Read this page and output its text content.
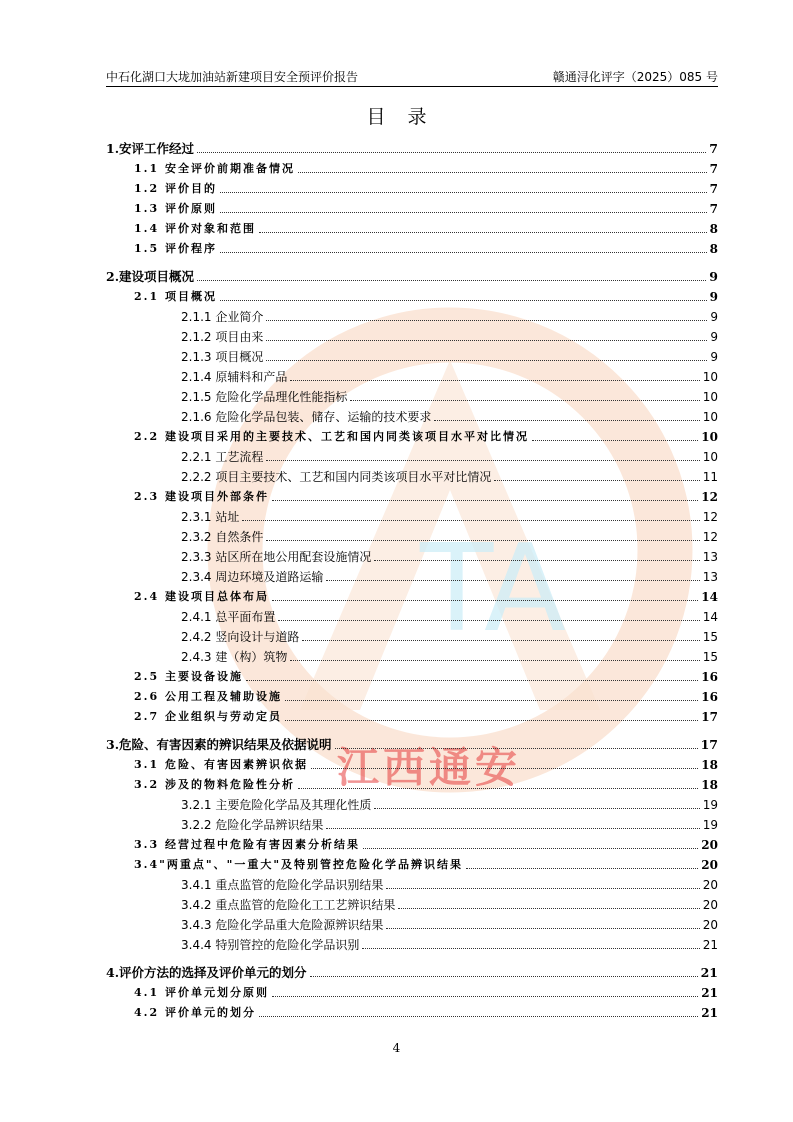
TA
江西通安
中石化湖口大垅加油站新建项目安全预评价报告	赣通浔化评字（2025）085 号
目录
1.安评工作经过	7
1.1 安全评价前期准备情况	7
1.2 评价目的	7
1.3 评价原则	7
1.4 评价对象和范围	8
1.5 评价程序	8
2.建设项目概况	9
2.1 项目概况	9
2.1.1 企业简介	9
2.1.2 项目由来	9
2.1.3 项目概况	9
2.1.4 原辅料和产品	10
2.1.5 危险化学品理化性能指标	10
2.1.6 危险化学品包装、储存、运输的技术要求	10
2.2 建设项目采用的主要技术、工艺和国内同类该项目水平对比情况	10
2.2.1 工艺流程	10
2.2.2 项目主要技术、工艺和国内同类该项目水平对比情况	11
2.3 建设项目外部条件	12
2.3.1 站址	12
2.3.2 自然条件	12
2.3.3 站区所在地公用配套设施情况	13
2.3.4 周边环境及道路运输	13
2.4 建设项目总体布局	14
2.4.1 总平面布置	14
2.4.2 竖向设计与道路	15
2.4.3 建（构）筑物	15
2.5 主要设备设施	16
2.6 公用工程及辅助设施	16
2.7 企业组织与劳动定员	17
3.危险、有害因素的辨识结果及依据说明	17
3.1 危险、有害因素辨识依据	18
3.2 涉及的物料危险性分析	18
3.2.1 主要危险化学品及其理化性质	19
3.2.2 危险化学品辨识结果	19
3.3 经营过程中危险有害因素分析结果	20
3.4"两重点"、"一重大"及特别管控危险化学品辨识结果	20
3.4.1 重点监管的危险化学品识别结果	20
3.4.2 重点监管的危险化工工艺辨识结果	20
3.4.3 危险化学品重大危险源辨识结果	20
3.4.4 特别管控的危险化学品识别	21
4.评价方法的选择及评价单元的划分	21
4.1 评价单元划分原则	21
4.2 评价单元的划分	21
4
